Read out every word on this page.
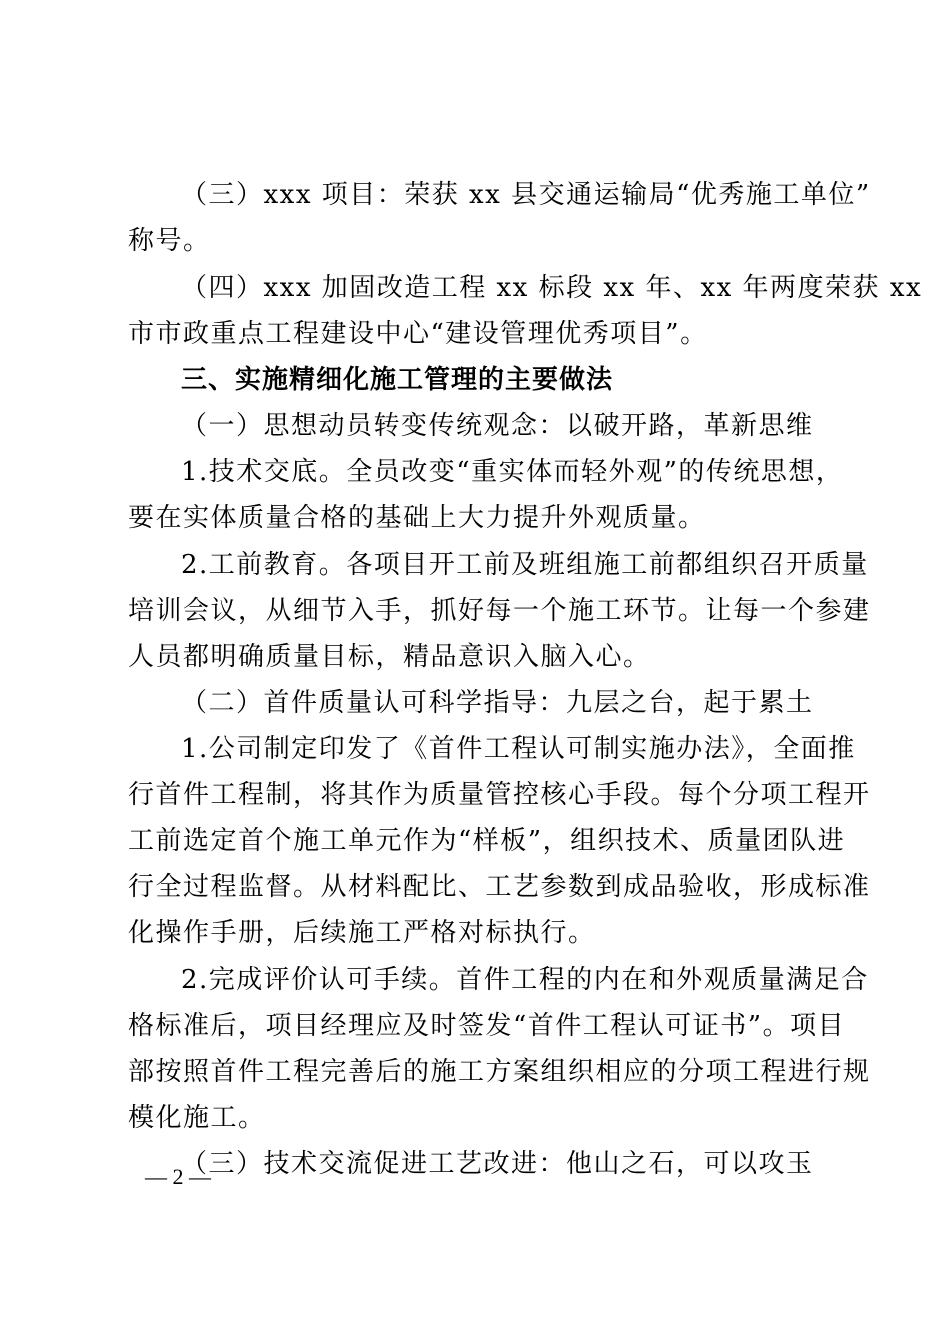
（三）xxx 项目：荣获 xx 县交通运输局“优秀施工单位”
称号。
（四）xxx 加固改造工程 xx 标段 xx 年、xx 年两度荣获 xx
市市政重点工程建设中心“建设管理优秀项目”。
三、实施精细化施工管理的主要做法
（一）思想动员转变传统观念：以破开路，革新思维
1.技术交底。全员改变“重实体而轻外观”的传统思想，
要在实体质量合格的基础上大力提升外观质量。
2.工前教育。各项目开工前及班组施工前都组织召开质量
培训会议，从细节入手，抓好每一个施工环节。让每一个参建
人员都明确质量目标，精品意识入脑入心。
（二）首件质量认可科学指导：九层之台，起于累土
1.公司制定印发了《首件工程认可制实施办法》，全面推
行首件工程制，将其作为质量管控核心手段。每个分项工程开
工前选定首个施工单元作为“样板”，组织技术、质量团队进
行全过程监督。从材料配比、工艺参数到成品验收，形成标准
化操作手册，后续施工严格对标执行。
2.完成评价认可手续。首件工程的内在和外观质量满足合
格标准后，项目经理应及时签发“首件工程认可证书”。项目
部按照首件工程完善后的施工方案组织相应的分项工程进行规
模化施工。
（三）技术交流促进工艺改进：他山之石，可以攻玉
— 2 —
